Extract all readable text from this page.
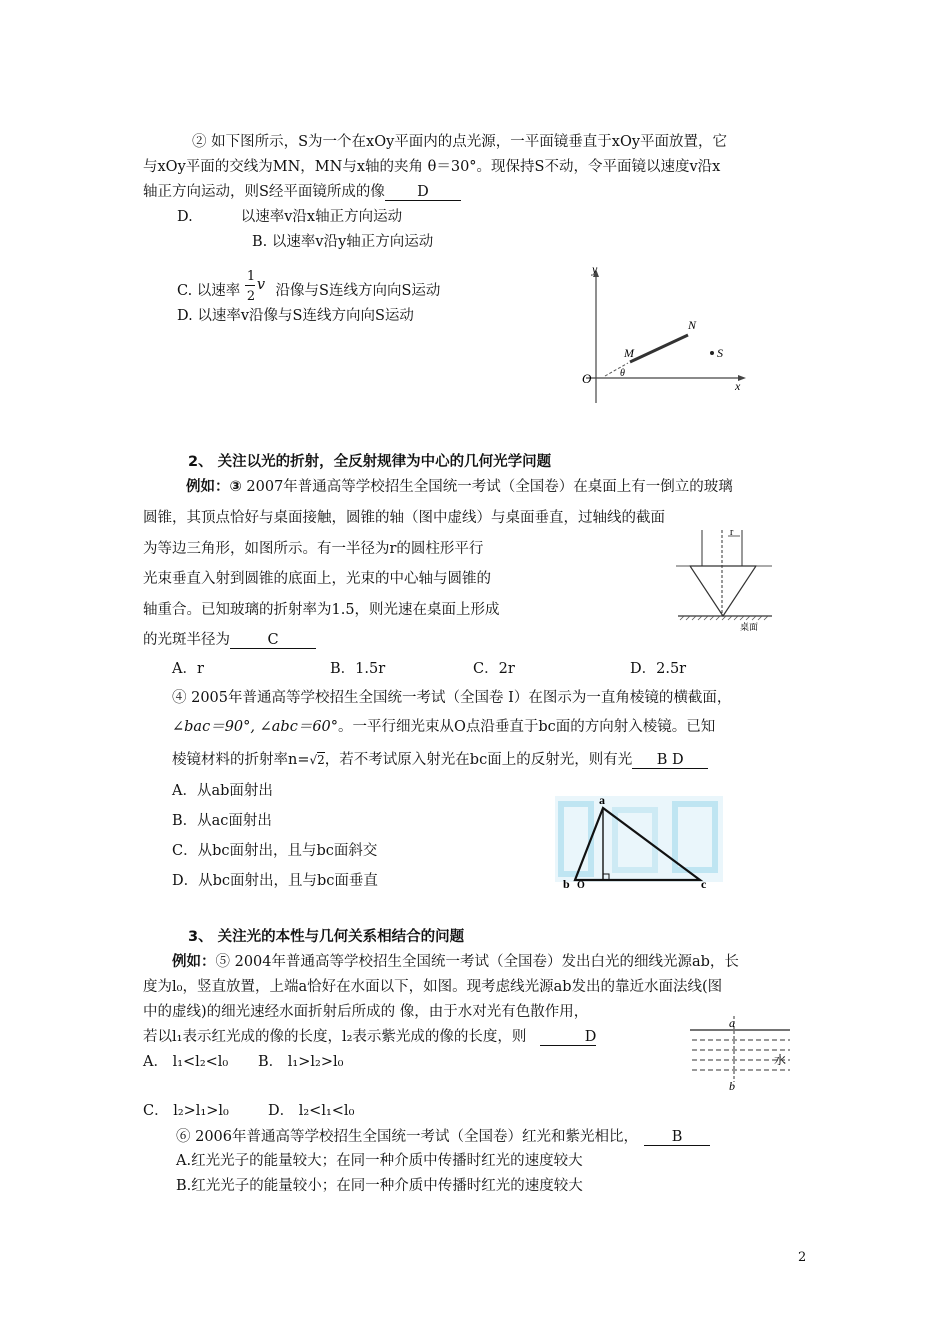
② 如下图所示，S为一个在xOy平面内的点光源，一平面镜垂直于xOy平面放置，它
与xOy平面的交线为MN，MN与x轴的夹角 θ＝30°。现保持S不动，令平面镜以速度v沿x
轴正方向运动，则S经平面镜所成的像 D
D.	以速率v沿x轴正方向运动
B. 以速率v沿y轴正方向运动
C. 以速率
1
2
v 沿像与S连线方向向S运动
D. 以速率v沿像与S连线方向向S运动
y
x
O
N
M	S
θ
2、 关注以光的折射，全反射规律为中心的几何光学问题
例如：③ 2007年普通高等学校招生全国统一考试（全国卷）在桌面上有一倒立的玻璃
圆锥，其顶点恰好与桌面接触，圆锥的轴（图中虚线）与桌面垂直，过轴线的截面
为等边三角形，如图所示。有一半径为r的圆柱形平行
光束垂直入射到圆锥的底面上，光束的中心轴与圆锥的
轴重合。已知玻璃的折射率为1.5，则光速在桌面上形成
的光斑半径为	C
A．r	B．1.5r	C．2r	D．2.5r
r
桌面
④ 2005年普通高等学校招生全国统一考试（全国卷 I）在图示为一直角棱镜的横截面，
∠bac＝90°, ∠abc＝60°。一平行细光束从O点沿垂直于bc面的方向射入棱镜。已知
棱镜材料的折射率n=√2，若不考试原入射光在bc面上的反射光，则有光 B D
A．从ab面射出
B．从ac面射出
C．从bc面射出，且与bc面斜交
D．从bc面射出，且与bc面垂直
a
b O	c
3、 关注光的本性与几何关系相结合的问题
例如：⑤ 2004年普通高等学校招生全国统一考试（全国卷）发出白光的细线光源ab，长
度为l₀，竖直放置，上端a恰好在水面以下，如图。现考虑线光源ab发出的靠近水面法线(图
中的虚线)的细光速经水面折射后所成的 像，由于水对光有色散作用，
若以l₁表示红光成的像的长度，l₂表示紫光成的像的长度，则	D
A． l₁<l₂<l₀ B． l₁>l₂>l₀
C． l₂>l₁>l₀	D． l₂<l₁<l₀
a
b
水
⑥ 2006年普通高等学校招生全国统一考试（全国卷）红光和紫光相比， B
A.红光光子的能量较大；在同一种介质中传播时红光的速度较大
B.红光光子的能量较小；在同一种介质中传播时红光的速度较大
2
